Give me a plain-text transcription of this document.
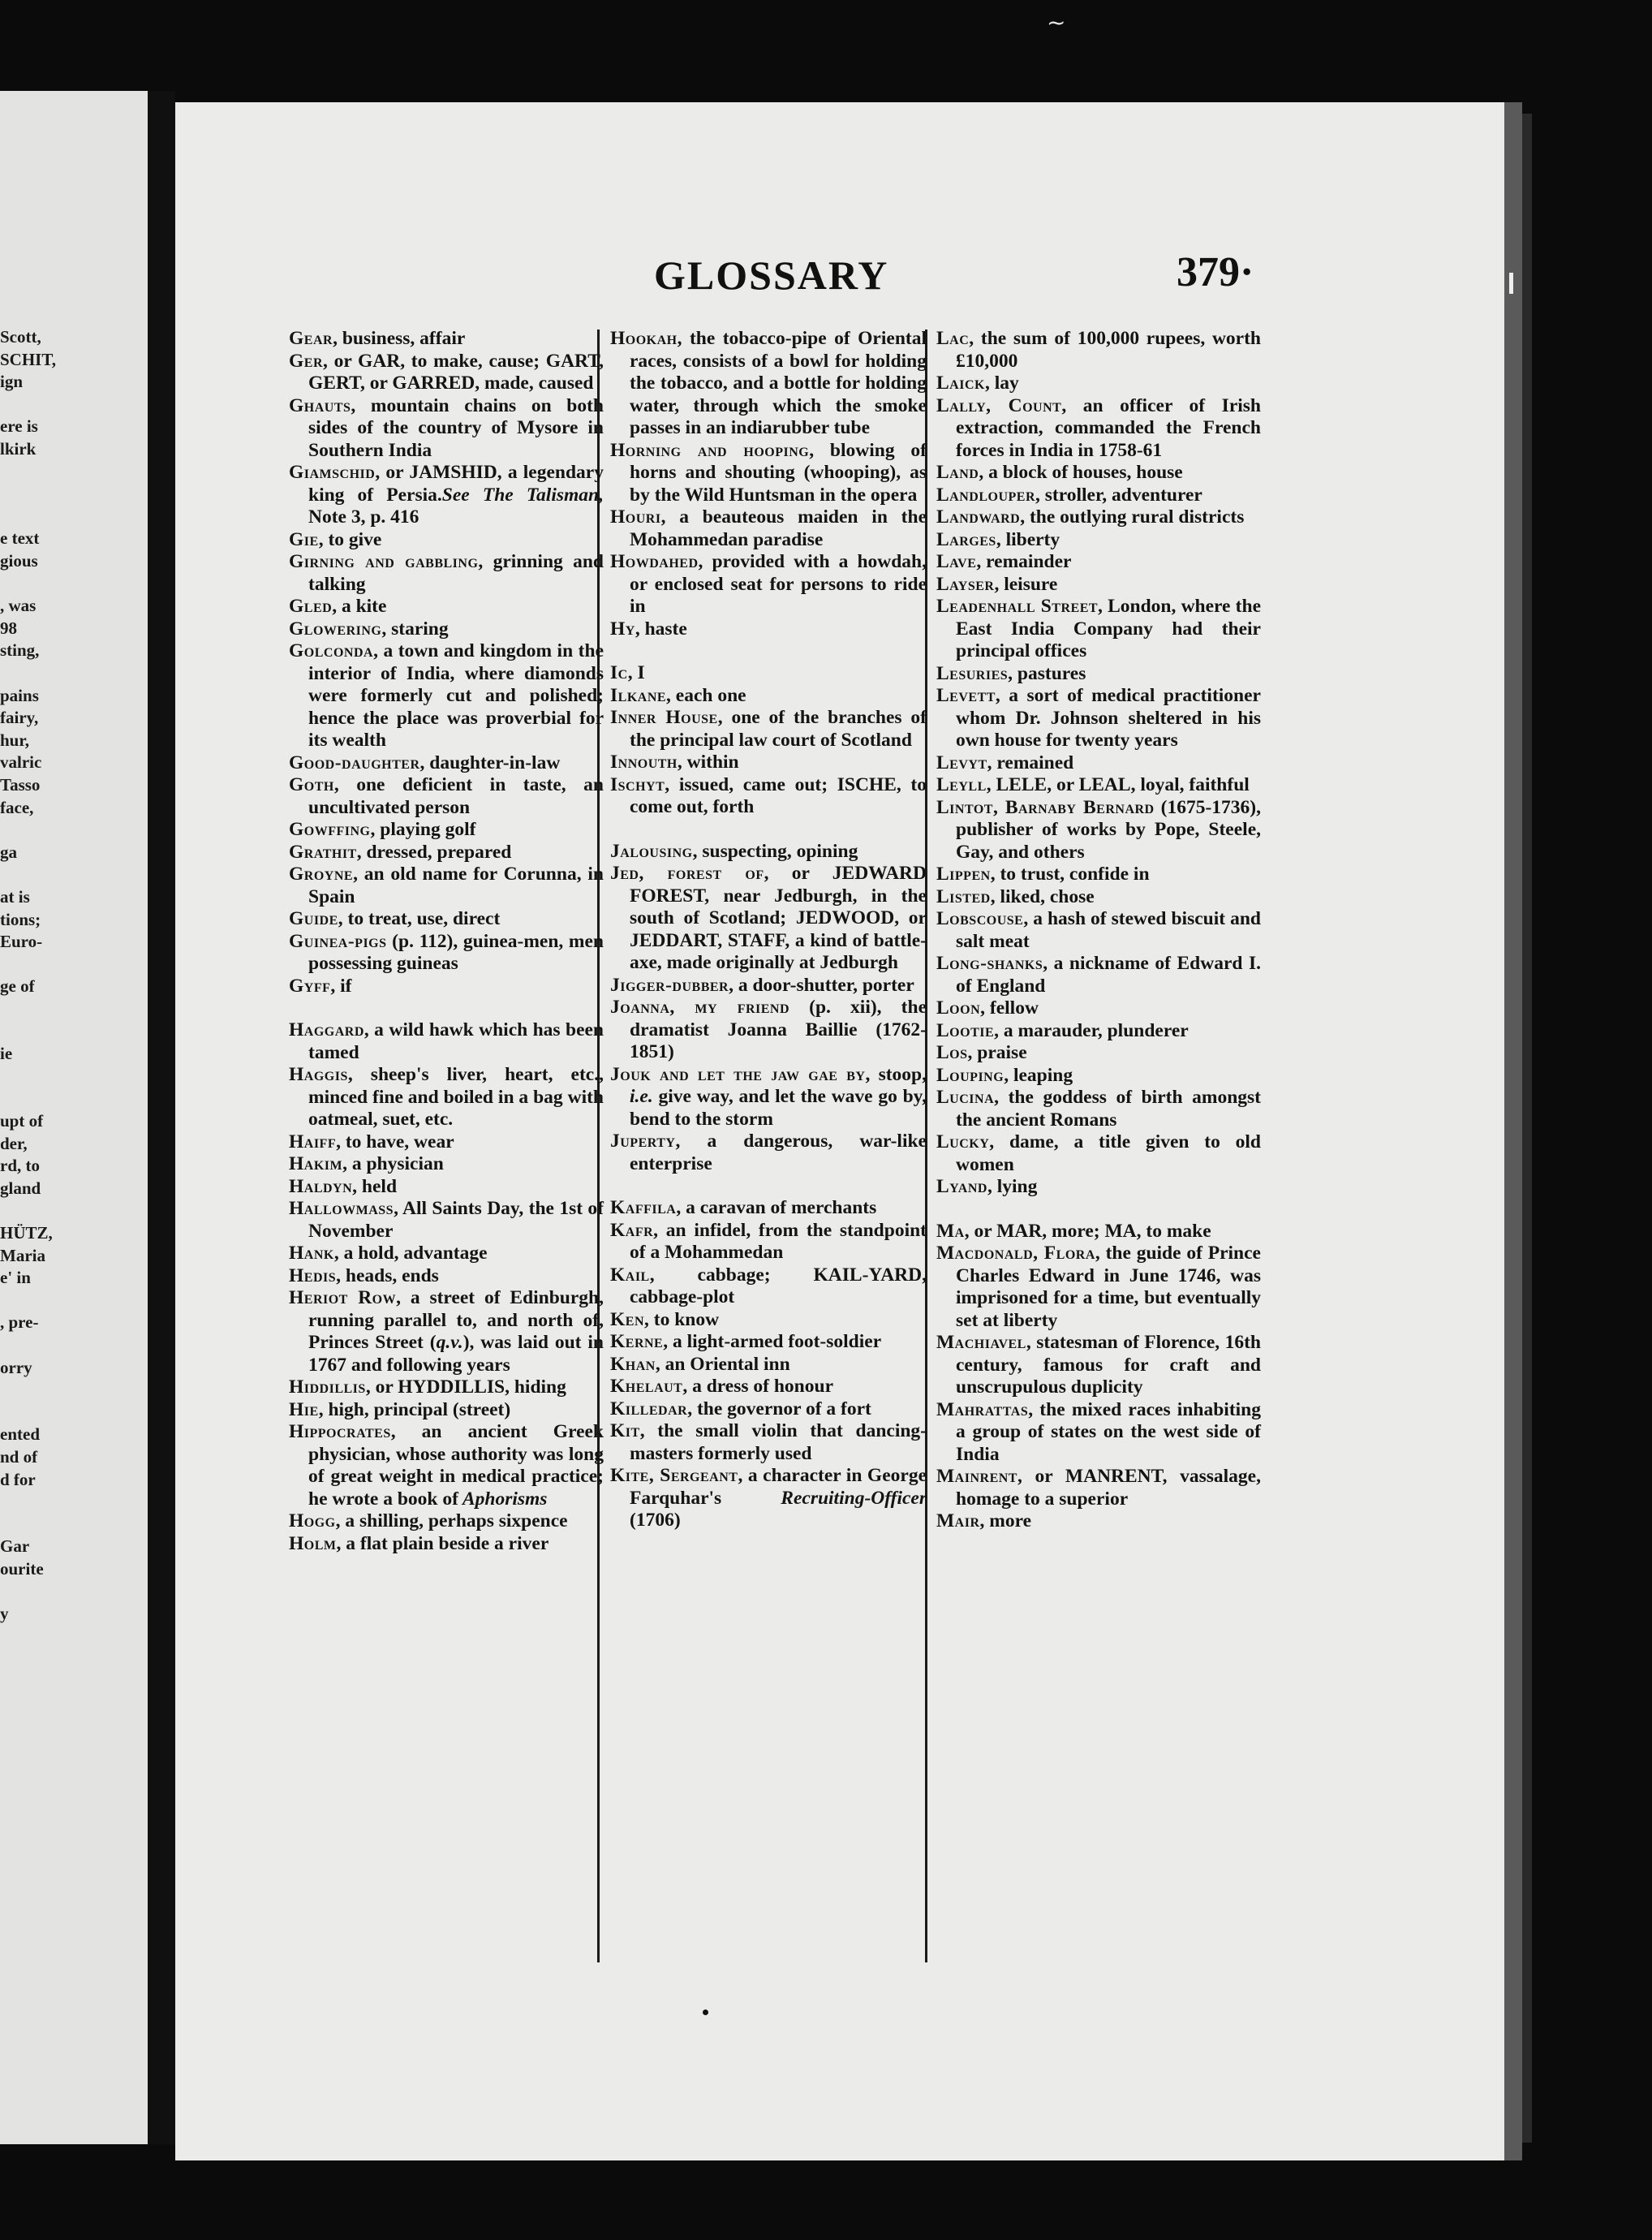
~
Scott,
SCHIT,
ign
ere is
lkirk
e text
gious
, was
98
sting,
pains
fairy,
hur,
valric
Tasso
face,
ga
at is
tions;
Euro-
ge of
ie
upt of
der,
rd, to
gland
HÜTZ,
Maria
e' in
, pre-
orry
ented
nd of
d for
Gar
ourite
y
GLOSSARY	379·

Gear, business, affair

Ger, or GAR, to make, cause; GART, GERT, or GARRED, made, caused

Ghauts, mountain chains on both sides of the country of Mysore in Southern India

Giamschid, or JAMSHID, a legendary king of Persia.See The Talisman, Note 3, p. 416

Gie, to give

Girning and gabbling, grinning and talking

Gled, a kite

Glowering, staring

Golconda, a town and kingdom in the interior of India, where diamonds were formerly cut and polished; hence the place was proverbial for its wealth

Good-daughter, daughter-in-law

Goth, one deficient in taste, an uncultivated person

Gowffing, playing golf

Grathit, dressed, prepared

Groyne, an old name for Corunna, in Spain

Guide, to treat, use, direct

Guinea-pigs (p. 112), guinea-men, men possessing guineas

Gyff, if

Haggard, a wild hawk which has been tamed

Haggis, sheep's liver, heart, etc., minced fine and boiled in a bag with oatmeal, suet, etc.

Haiff, to have, wear

Hakim, a physician

Haldyn, held

Hallowmass, All Saints Day, the 1st of November

Hank, a hold, advantage

Hedis, heads, ends

Heriot Row, a street of Edinburgh, running parallel to, and north of, Princes Street (q.v.), was laid out in 1767 and following years

Hiddillis, or HYDDILLIS, hiding

Hie, high, principal (street)

Hippocrates, an ancient Greek physician, whose authority was long of great weight in medical practice; he wrote a book of Aphorisms

Hogg, a shilling, perhaps sixpence

Holm, a flat plain beside a river

Hookah, the tobacco-pipe of Oriental races, consists of a bowl for holding the tobacco, and a bottle for holding water, through which the smoke passes in an indiarubber tube

Horning and hooping, blowing of horns and shouting (whooping), as by the Wild Huntsman in the opera

Houri, a beauteous maiden in the Mohammedan paradise

Howdahed, provided with a howdah, or enclosed seat for persons to ride in

Hy, haste

Ic, I

Ilkane, each one

Inner House, one of the branches of the principal law court of Scotland

Innouth, within

Ischyt, issued, came out; ISCHE, to come out, forth

Jalousing, suspecting, opining

Jed, forest of, or JEDWARD FOREST, near Jedburgh, in the south of Scotland; JEDWOOD, or JEDDART, STAFF, a kind of battle-axe, made originally at Jedburgh

Jigger-dubber, a door-shutter, porter

Joanna, my friend (p. xii), the dramatist Joanna Baillie (1762-1851)

Jouk and let the jaw gae by, stoop, i.e. give way, and let the wave go by, bend to the storm

Juperty, a dangerous, war-like enterprise

Kaffila, a caravan of merchants

Kafr, an infidel, from the standpoint of a Mohammedan

Kail, cabbage; KAIL-YARD, cabbage-plot

Ken, to know

Kerne, a light-armed foot-soldier

Khan, an Oriental inn

Khelaut, a dress of honour

Killedar, the governor of a fort

Kit, the small violin that dancing-masters formerly used

Kite, Sergeant, a character in George Farquhar's Recruiting-Officer (1706)

Lac, the sum of 100,000 rupees, worth £10,000

Laick, lay

Lally, Count, an officer of Irish extraction, commanded the French forces in India in 1758-61

Land, a block of houses, house

Landlouper, stroller, adventurer

Landward, the outlying rural districts

Larges, liberty

Lave, remainder

Layser, leisure

Leadenhall Street, London, where the East India Company had their principal offices

Lesuries, pastures

Levett, a sort of medical practitioner whom Dr. Johnson sheltered in his own house for twenty years

Levyt, remained

Leyll, LELE, or LEAL, loyal, faithful

Lintot, Barnaby Bernard (1675-1736), publisher of works by Pope, Steele, Gay, and others

Lippen, to trust, confide in

Listed, liked, chose

Lobscouse, a hash of stewed biscuit and salt meat

Long-shanks, a nickname of Edward I. of England

Loon, fellow

Lootie, a marauder, plunderer

Los, praise

Louping, leaping

Lucina, the goddess of birth amongst the ancient Romans

Lucky, dame, a title given to old women

Lyand, lying

Ma, or MAR, more; MA, to make

Macdonald, Flora, the guide of Prince Charles Edward in June 1746, was imprisoned for a time, but eventually set at liberty

Machiavel, statesman of Florence, 16th century, famous for craft and unscrupulous duplicity

Mahrattas, the mixed races inhabiting a group of states on the west side of India

Mainrent, or MANRENT, vassalage, homage to a superior

Mair, more
